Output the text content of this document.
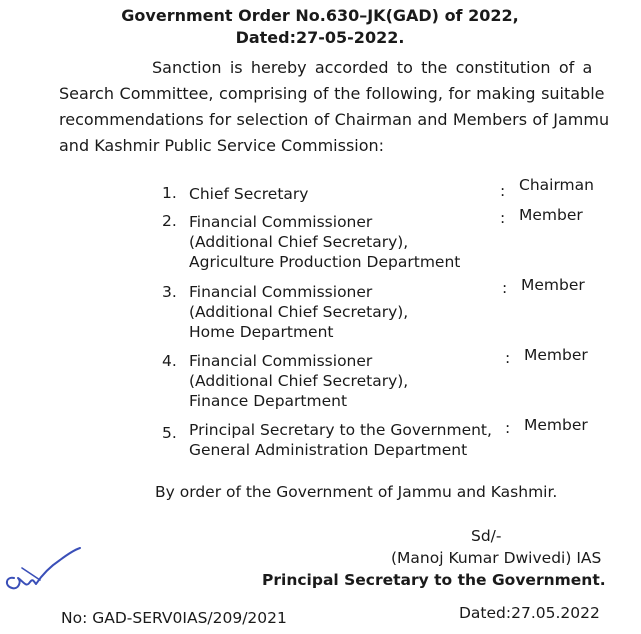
Government Order No.630–JK(GAD) of 2022,
Dated:27-05-2022.
Sanction is hereby accorded to the constitution of a
Search Committee, comprising of the following, for making suitable
recommendations for selection of Chairman and Members of Jammu
and Kashmir Public Service Commission:
1. Chief Secretary	: Chairman
2. Financial Commissioner
(Additional Chief Secretary),
Agriculture Production Department
: Member
3. Financial Commissioner
(Additional Chief Secretary),
Home Department
: Member
4. Financial Commissioner
(Additional Chief Secretary),
Finance Department
: Member
5. Principal Secretary to the Government,
General Administration Department
: Member
By order of the Government of Jammu and Kashmir.
Sd/-
(Manoj Kumar Dwivedi) IAS
Principal Secretary to the Government.
No: GAD-SERV0IAS/209/2021	Dated:27.05.2022
